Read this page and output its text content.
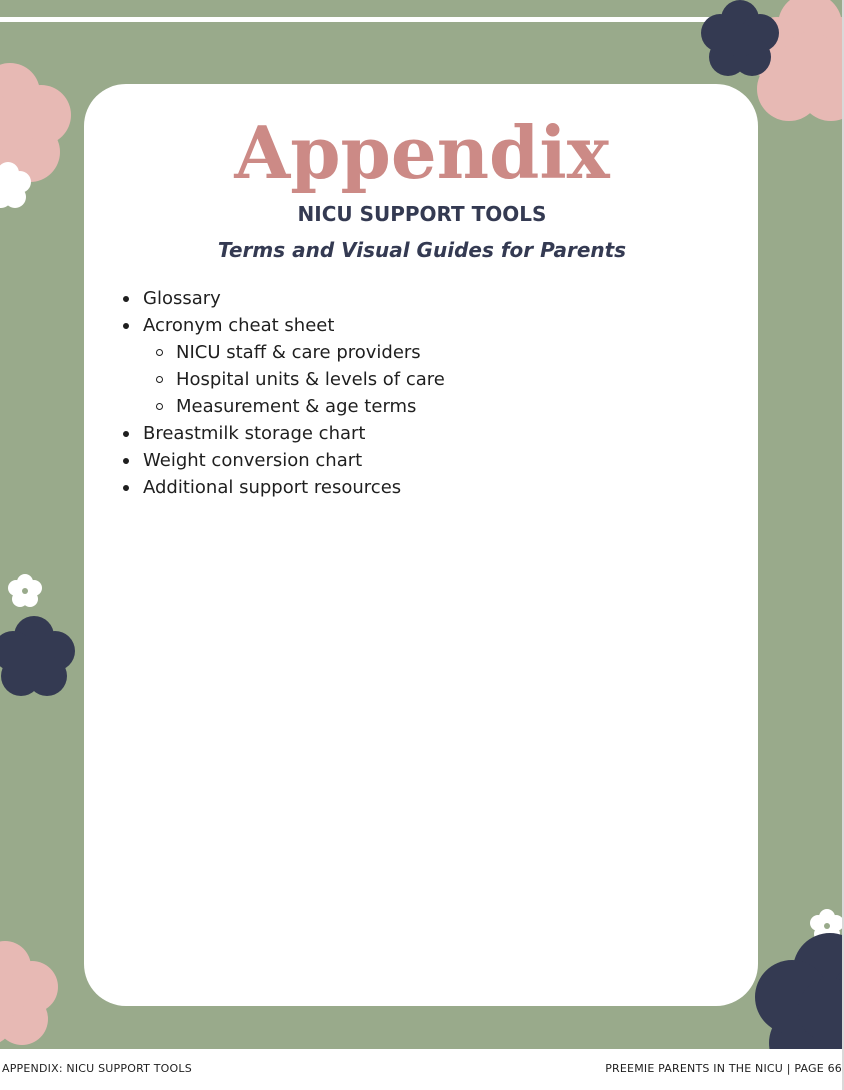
Appendix
NICU SUPPORT TOOLS
Terms and Visual Guides for Parents
Glossary
Acronym cheat sheet
NICU staff & care providers
Hospital units & levels of care
Measurement & age terms
Breastmilk storage chart
Weight conversion chart
Additional support resources
APPENDIX: NICU SUPPORT TOOLS	PREEMIE PARENTS IN THE NICU | PAGE 66
